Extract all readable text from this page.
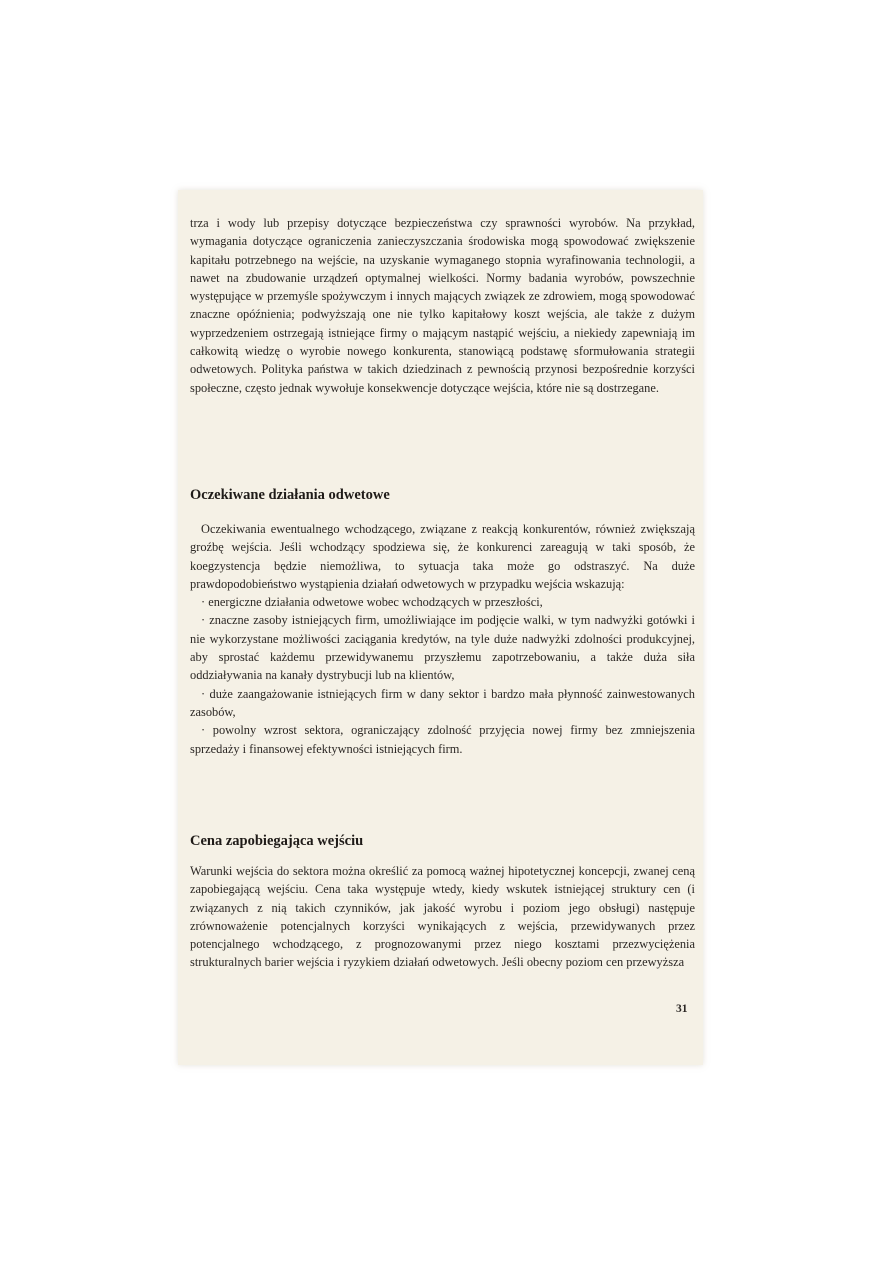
trza i wody lub przepisy dotyczące bezpieczeństwa czy sprawności wyrobów. Na przykład, wymagania dotyczące ograniczenia zanieczyszczania środowiska mogą spowodować zwiększenie kapitału potrzebnego na wejście, na uzyskanie wymaganego stopnia wyrafinowania technologii, a nawet na zbudowanie urządzeń optymalnej wielkości. Normy badania wyrobów, powszechnie występujące w przemyśle spożywczym i innych mających związek ze zdrowiem, mogą spowodować znaczne opóźnienia; podwyższają one nie tylko kapitałowy koszt wejścia, ale także z dużym wyprzedzeniem ostrzegają istniejące firmy o mającym nastąpić wejściu, a niekiedy zapewniają im całkowitą wiedzę o wyrobie nowego konkurenta, stanowiącą podstawę sformułowania strategii odwetowych. Polityka państwa w takich dziedzinach z pewnością przynosi bezpośrednie korzyści społeczne, często jednak wywołuje konsekwencje dotyczące wejścia, które nie są dostrzegane.

Oczekiwane działania odwetowe

Oczekiwania ewentualnego wchodzącego, związane z reakcją konkurentów, również zwiększają groźbę wejścia. Jeśli wchodzący spodziewa się, że konkurenci zareagują w taki sposób, że koegzystencja będzie niemożliwa, to sytuacja taka może go odstraszyć. Na duże prawdopodobieństwo wystąpienia działań odwetowych w przypadku wejścia wskazują:

· energiczne działania odwetowe wobec wchodzących w przeszłości,

· znaczne zasoby istniejących firm, umożliwiające im podjęcie walki, w tym nadwyżki gotówki i nie wykorzystane możliwości zaciągania kredytów, na tyle duże nadwyżki zdolności produkcyjnej, aby sprostać każdemu przewidywanemu przyszłemu zapotrzebowaniu, a także duża siła oddziaływania na kanały dystrybucji lub na klientów,

· duże zaangażowanie istniejących firm w dany sektor i bardzo mała płynność zainwestowanych zasobów,

· powolny wzrost sektora, ograniczający zdolność przyjęcia nowej firmy bez zmniejszenia sprzedaży i finansowej efektywności istniejących firm.

Cena zapobiegająca wejściu

Warunki wejścia do sektora można określić za pomocą ważnej hipotetycznej koncepcji, zwanej ceną zapobiegającą wejściu. Cena taka występuje wtedy, kiedy wskutek istniejącej struktury cen (i związanych z nią takich czynników, jak jakość wyrobu i poziom jego obsługi) następuje zrównoważenie potencjalnych korzyści wynikających z wejścia, przewidywanych przez potencjalnego wchodzącego, z prognozowanymi przez niego kosztami przezwyciężenia strukturalnych barier wejścia i ryzykiem działań odwetowych. Jeśli obecny poziom cen przewyższa

31
